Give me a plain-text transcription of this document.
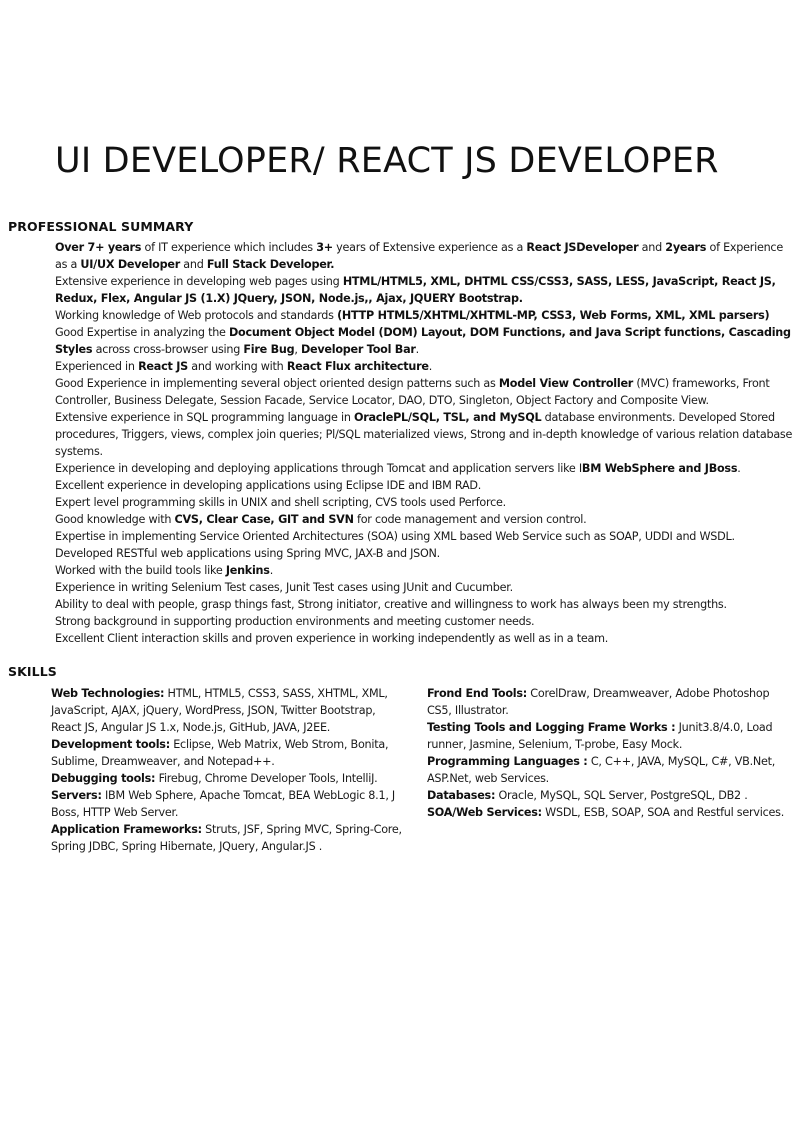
UI DEVELOPER/ REACT JS DEVELOPER
PROFESSIONAL SUMMARY

Over 7+ years of IT experience which includes 3+ years of Extensive experience as a React JSDeveloper and 2years of Experience as a UI/UX Developer and Full Stack Developer.

Extensive experience in developing web pages using HTML/HTML5, XML, DHTML CSS/CSS3, SASS, LESS, JavaScript, React JS, Redux, Flex, Angular JS (1.X) JQuery, JSON, Node.js,, Ajax, JQUERY Bootstrap.

Working knowledge of Web protocols and standards (HTTP HTML5/XHTML/XHTML-MP, CSS3, Web Forms, XML, XML parsers)

Good Expertise in analyzing the Document Object Model (DOM) Layout, DOM Functions, and Java Script functions, Cascading Styles across cross-browser using Fire Bug, Developer Tool Bar.

Experienced in React JS and working with React Flux architecture.

Good Experience in implementing several object oriented design patterns such as Model View Controller (MVC) frameworks, Front Controller, Business Delegate, Session Facade, Service Locator, DAO, DTO, Singleton, Object Factory and Composite View.

Extensive experience in SQL programming language in OraclePL/SQL, TSL, and MySQL database environments. Developed Stored procedures, Triggers, views, complex join queries; Pl/SQL materialized views, Strong and in-depth knowledge of various relation database systems.

Experience in developing and deploying applications through Tomcat and application servers like IBM WebSphere and JBoss.

Excellent experience in developing applications using Eclipse IDE and IBM RAD.

Expert level programming skills in UNIX and shell scripting, CVS tools used Perforce.

Good knowledge with CVS, Clear Case, GIT and SVN for code management and version control.

Expertise in implementing Service Oriented Architectures (SOA) using XML based Web Service such as SOAP, UDDI and WSDL.

Developed RESTful web applications using Spring MVC, JAX-B and JSON.

Worked with the build tools like Jenkins.

Experience in writing Selenium Test cases, Junit Test cases using JUnit and Cucumber.

Ability to deal with people, grasp things fast, Strong initiator, creative and willingness to work has always been my strengths.

Strong background in supporting production environments and meeting customer needs.

Excellent Client interaction skills and proven experience in working independently as well as in a team.

SKILLS

Web Technologies: HTML, HTML5, CSS3, SASS, XHTML, XML, JavaScript, AJAX, jQuery, WordPress, JSON, Twitter Bootstrap, React JS, Angular JS 1.x, Node.js, GitHub, JAVA, J2EE.

Development tools: Eclipse, Web Matrix, Web Strom, Bonita, Sublime, Dreamweaver, and Notepad++.

Debugging tools: Firebug, Chrome Developer Tools, IntelliJ.

Servers: IBM Web Sphere, Apache Tomcat, BEA WebLogic 8.1, J Boss, HTTP Web Server.

Application Frameworks: Struts, JSF, Spring MVC, Spring-Core, Spring JDBC, Spring Hibernate, JQuery, Angular.JS .

Frond End Tools: CorelDraw, Dreamweaver, Adobe Photoshop CS5, Illustrator.

Testing Tools and Logging Frame Works : Junit3.8/4.0, Load runner, Jasmine, Selenium, T-probe, Easy Mock.

Programming Languages : C, C++, JAVA, MySQL, C#, VB.Net, ASP.Net, web Services.

Databases: Oracle, MySQL, SQL Server, PostgreSQL, DB2 .

SOA/Web Services: WSDL, ESB, SOAP, SOA and Restful services.
